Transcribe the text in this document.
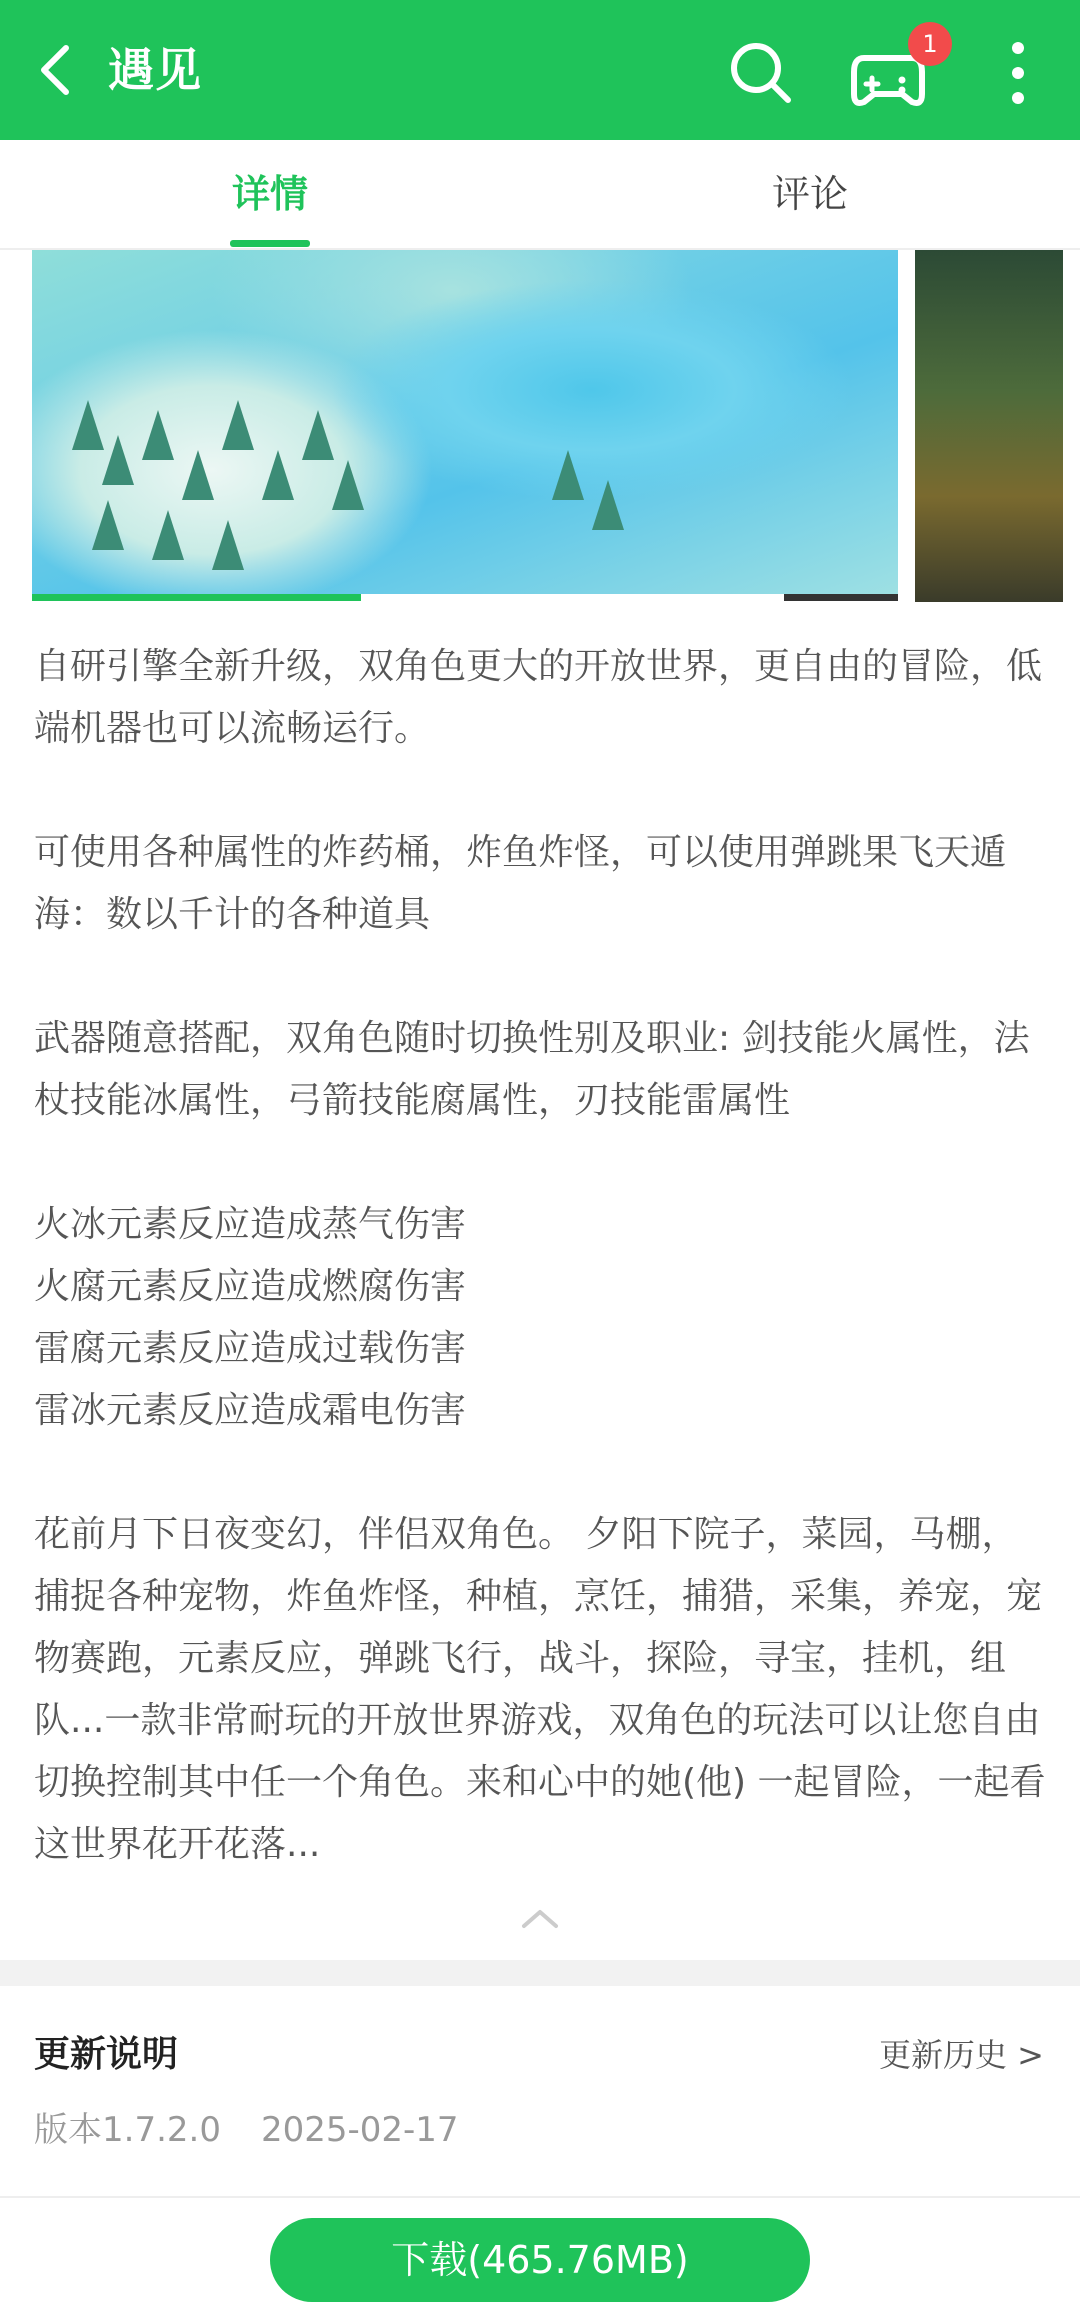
遇见	1
详情	评论

自研引擎全新升级，双角色更大的开放世界，更自由的冒险，低端机器也可以流畅运行。

可使用各种属性的炸药桶，炸鱼炸怪，可以使用弹跳果飞天遁海：数以千计的各种道具

武器随意搭配，双角色随时切换性别及职业: 剑技能火属性，法杖技能冰属性，弓箭技能腐属性，刃技能雷属性

火冰元素反应造成蒸气伤害
火腐元素反应造成燃腐伤害
雷腐元素反应造成过载伤害
雷冰元素反应造成霜电伤害

花前月下日夜变幻，伴侣双角色。 夕阳下院子，菜园，马棚，捕捉各种宠物，炸鱼炸怪，种植，烹饪，捕猎，采集，养宠，宠物赛跑，元素反应，弹跳飞行，战斗，探险，寻宝，挂机，组队...一款非常耐玩的开放世界游戏，双角色的玩法可以让您自由切换控制其中任一个角色。来和心中的她(他) 一起冒险，一起看这世界花开花落...

更新说明	更新历史 >
版本1.7.2.0 2025-02-17
下载(465.76MB)
